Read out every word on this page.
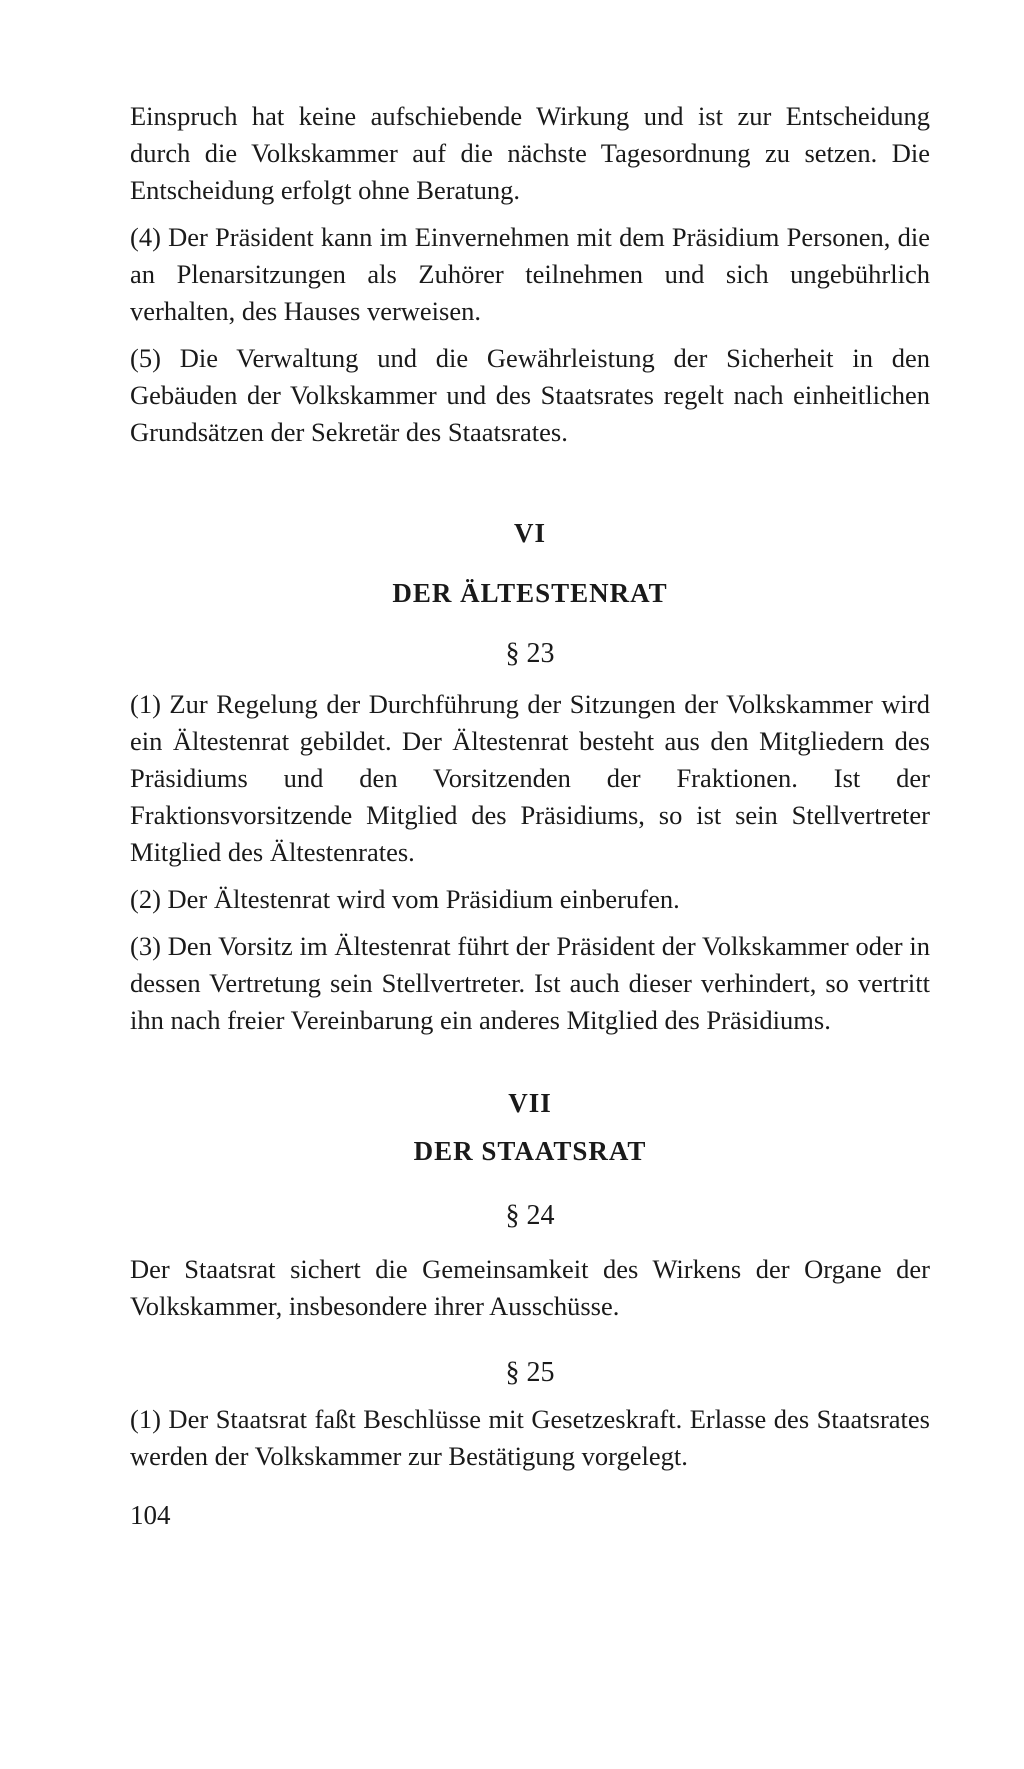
Einspruch hat keine aufschiebende Wirkung und ist zur Entscheidung durch die Volkskammer auf die nächste Tagesordnung zu setzen. Die Entscheidung erfolgt ohne Beratung.

(4) Der Präsident kann im Einvernehmen mit dem Präsidium Personen, die an Plenarsitzungen als Zuhörer teilnehmen und sich ungebührlich verhalten, des Hauses verweisen.

(5) Die Verwaltung und die Gewährleistung der Sicherheit in den Gebäuden der Volkskammer und des Staatsrates regelt nach einheitlichen Grundsätzen der Sekretär des Staatsrates.

VI

DER ÄLTESTENRAT

§ 23

(1) Zur Regelung der Durchführung der Sitzungen der Volkskammer wird ein Ältestenrat gebildet. Der Ältestenrat besteht aus den Mitgliedern des Präsidiums und den Vorsitzenden der Fraktionen. Ist der Fraktionsvorsitzende Mitglied des Präsidiums, so ist sein Stellvertreter Mitglied des Ältestenrates.

(2) Der Ältestenrat wird vom Präsidium einberufen.

(3) Den Vorsitz im Ältestenrat führt der Präsident der Volkskammer oder in dessen Vertretung sein Stellvertreter. Ist auch dieser verhindert, so vertritt ihn nach freier Vereinbarung ein anderes Mitglied des Präsidiums.

VII

DER STAATSRAT

§ 24

Der Staatsrat sichert die Gemeinsamkeit des Wirkens der Organe der Volkskammer, insbesondere ihrer Ausschüsse.

§ 25

(1) Der Staatsrat faßt Beschlüsse mit Gesetzeskraft. Erlasse des Staatsrates werden der Volkskammer zur Bestätigung vorgelegt.

104
